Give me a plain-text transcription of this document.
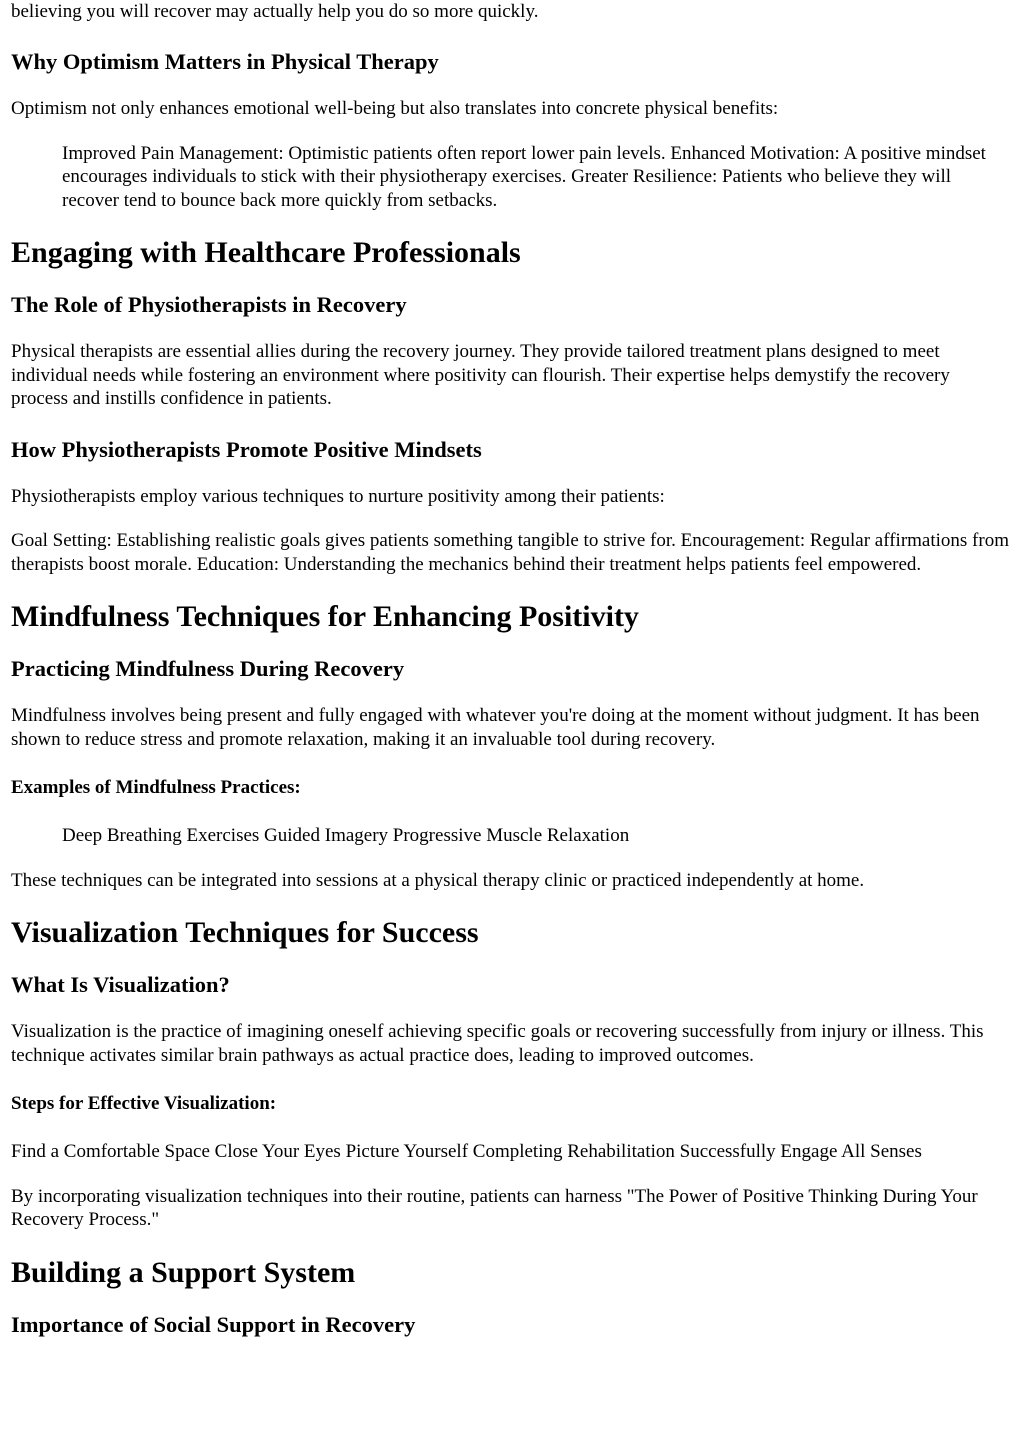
believing you will recover may actually help you do so more quickly.

Why Optimism Matters in Physical Therapy

Optimism not only enhances emotional well-being but also translates into concrete physical benefits:

Improved Pain Management: Optimistic patients often report lower pain levels. Enhanced Motivation: A positive mindset encourages individuals to stick with their physiotherapy exercises. Greater Resilience: Patients who believe they will recover tend to bounce back more quickly from setbacks.

Engaging with Healthcare Professionals
The Role of Physiotherapists in Recovery

Physical therapists are essential allies during the recovery journey. They provide tailored treatment plans designed to meet individual needs while fostering an environment where positivity can flourish. Their expertise helps demystify the recovery process and instills confidence in patients.

How Physiotherapists Promote Positive Mindsets

Physiotherapists employ various techniques to nurture positivity among their patients:

Goal Setting: Establishing realistic goals gives patients something tangible to strive for. Encouragement: Regular affirmations from therapists boost morale. Education: Understanding the mechanics behind their treatment helps patients feel empowered.

Mindfulness Techniques for Enhancing Positivity
Practicing Mindfulness During Recovery

Mindfulness involves being present and fully engaged with whatever you're doing at the moment without judgment. It has been shown to reduce stress and promote relaxation, making it an invaluable tool during recovery.

Examples of Mindfulness Practices:

Deep Breathing Exercises Guided Imagery Progressive Muscle Relaxation

These techniques can be integrated into sessions at a physical therapy clinic or practiced independently at home.

Visualization Techniques for Success
What Is Visualization?

Visualization is the practice of imagining oneself achieving specific goals or recovering successfully from injury or illness. This technique activates similar brain pathways as actual practice does, leading to improved outcomes.

Steps for Effective Visualization:

Find a Comfortable Space Close Your Eyes Picture Yourself Completing Rehabilitation Successfully Engage All Senses

By incorporating visualization techniques into their routine, patients can harness "The Power of Positive Thinking During Your Recovery Process."

Building a Support System
Importance of Social Support in Recovery
